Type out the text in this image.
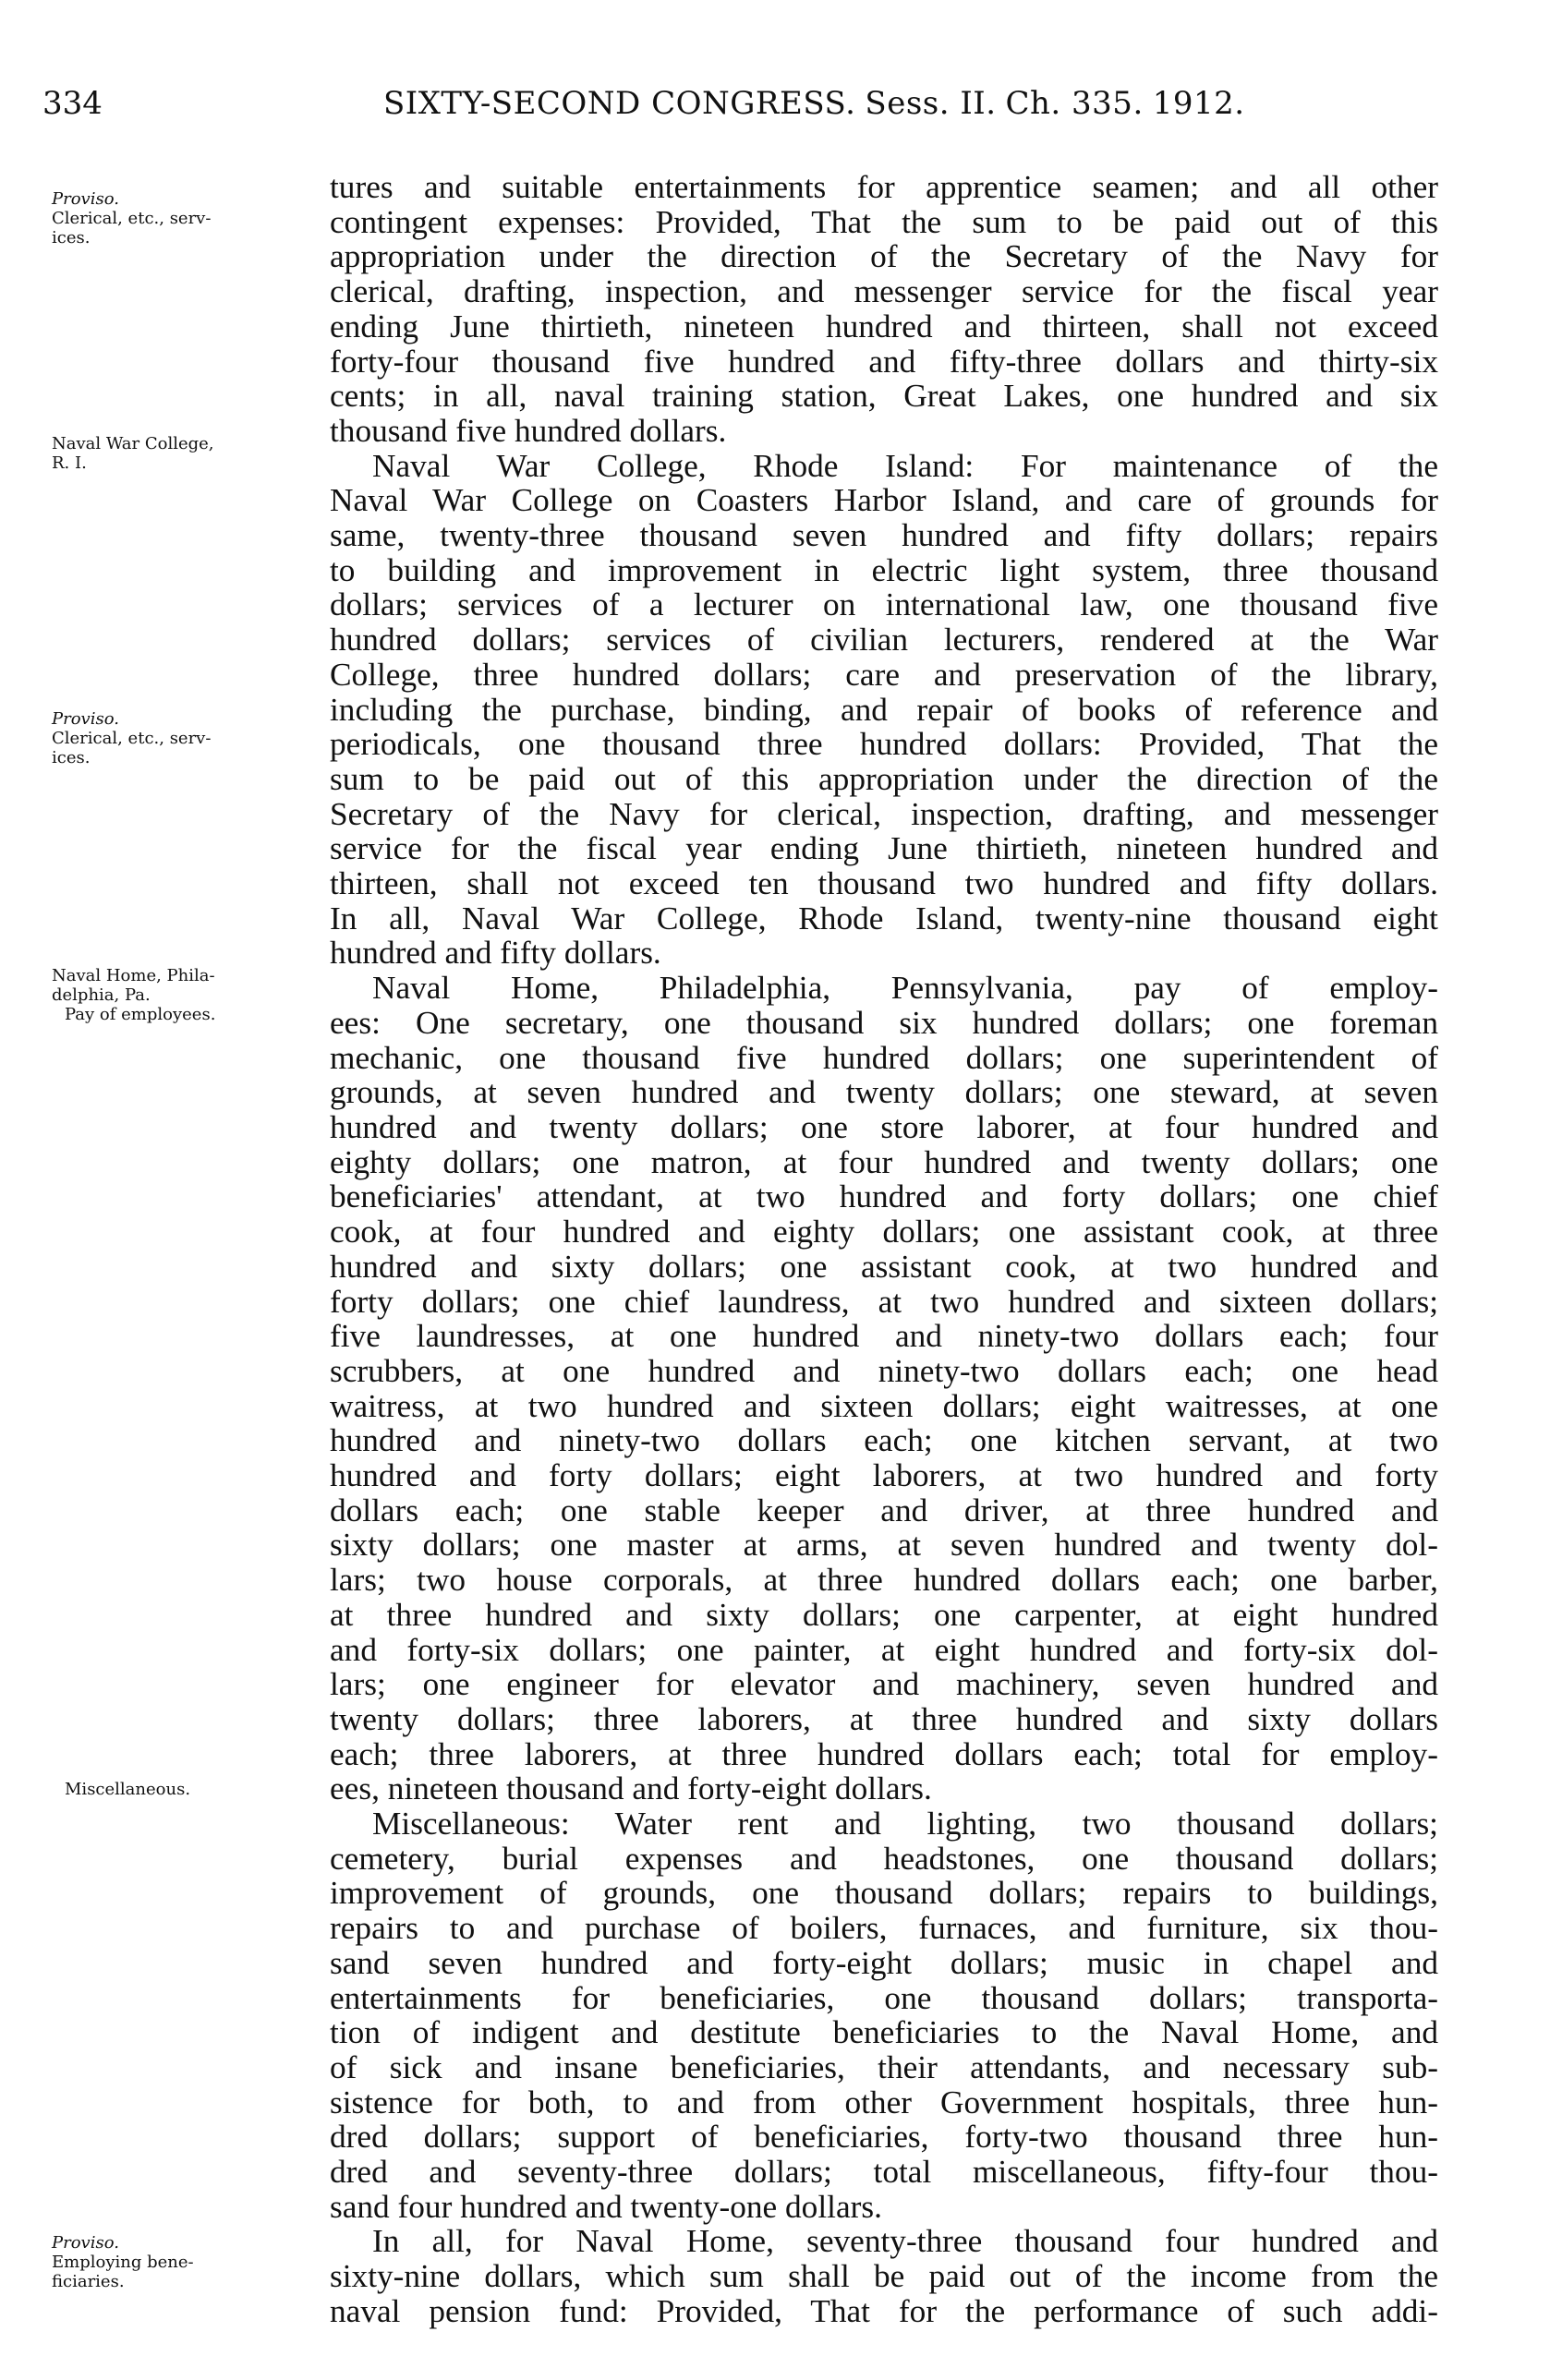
334	SIXTY-SECOND CONGRESS. Sess. II. Ch. 335. 1912.
Proviso.
Clerical, etc., serv-
ices.
Naval War College,
R. I.
Proviso.
Clerical, etc., serv-
ices.
Naval Home, Phila-
delphia, Pa.
Pay of employees.
Miscellaneous.
Proviso.
Employing bene-
ficiaries.
tures and suitable entertainments for apprentice seamen; and all other
contingent expenses: Provided, That the sum to be paid out of this
appropriation under the direction of the Secretary of the Navy for
clerical, drafting, inspection, and messenger service for the fiscal year
ending June thirtieth, nineteen hundred and thirteen, shall not exceed
forty-four thousand five hundred and fifty-three dollars and thirty-six
cents; in all, naval training station, Great Lakes, one hundred and six
thousand five hundred dollars.
Naval War College, Rhode Island: For maintenance of the
Naval War College on Coasters Harbor Island, and care of grounds for
same, twenty-three thousand seven hundred and fifty dollars; repairs
to building and improvement in electric light system, three thousand
dollars; services of a lecturer on international law, one thousand five
hundred dollars; services of civilian lecturers, rendered at the War
College, three hundred dollars; care and preservation of the library,
including the purchase, binding, and repair of books of reference and
periodicals, one thousand three hundred dollars: Provided, That the
sum to be paid out of this appropriation under the direction of the
Secretary of the Navy for clerical, inspection, drafting, and messenger
service for the fiscal year ending June thirtieth, nineteen hundred and
thirteen, shall not exceed ten thousand two hundred and fifty dollars.
In all, Naval War College, Rhode Island, twenty-nine thousand eight
hundred and fifty dollars.
Naval Home, Philadelphia, Pennsylvania, pay of employ-
ees: One secretary, one thousand six hundred dollars; one foreman
mechanic, one thousand five hundred dollars; one superintendent of
grounds, at seven hundred and twenty dollars; one steward, at seven
hundred and twenty dollars; one store laborer, at four hundred and
eighty dollars; one matron, at four hundred and twenty dollars; one
beneficiaries' attendant, at two hundred and forty dollars; one chief
cook, at four hundred and eighty dollars; one assistant cook, at three
hundred and sixty dollars; one assistant cook, at two hundred and
forty dollars; one chief laundress, at two hundred and sixteen dollars;
five laundresses, at one hundred and ninety-two dollars each; four
scrubbers, at one hundred and ninety-two dollars each; one head
waitress, at two hundred and sixteen dollars; eight waitresses, at one
hundred and ninety-two dollars each; one kitchen servant, at two
hundred and forty dollars; eight laborers, at two hundred and forty
dollars each; one stable keeper and driver, at three hundred and
sixty dollars; one master at arms, at seven hundred and twenty dol-
lars; two house corporals, at three hundred dollars each; one barber,
at three hundred and sixty dollars; one carpenter, at eight hundred
and forty-six dollars; one painter, at eight hundred and forty-six dol-
lars; one engineer for elevator and machinery, seven hundred and
twenty dollars; three laborers, at three hundred and sixty dollars
each; three laborers, at three hundred dollars each; total for employ-
ees, nineteen thousand and forty-eight dollars.
Miscellaneous: Water rent and lighting, two thousand dollars;
cemetery, burial expenses and headstones, one thousand dollars;
improvement of grounds, one thousand dollars; repairs to buildings,
repairs to and purchase of boilers, furnaces, and furniture, six thou-
sand seven hundred and forty-eight dollars; music in chapel and
entertainments for beneficiaries, one thousand dollars; transporta-
tion of indigent and destitute beneficiaries to the Naval Home, and
of sick and insane beneficiaries, their attendants, and necessary sub-
sistence for both, to and from other Government hospitals, three hun-
dred dollars; support of beneficiaries, forty-two thousand three hun-
dred and seventy-three dollars; total miscellaneous, fifty-four thou-
sand four hundred and twenty-one dollars.
In all, for Naval Home, seventy-three thousand four hundred and
sixty-nine dollars, which sum shall be paid out of the income from the
naval pension fund: Provided, That for the performance of such addi-
